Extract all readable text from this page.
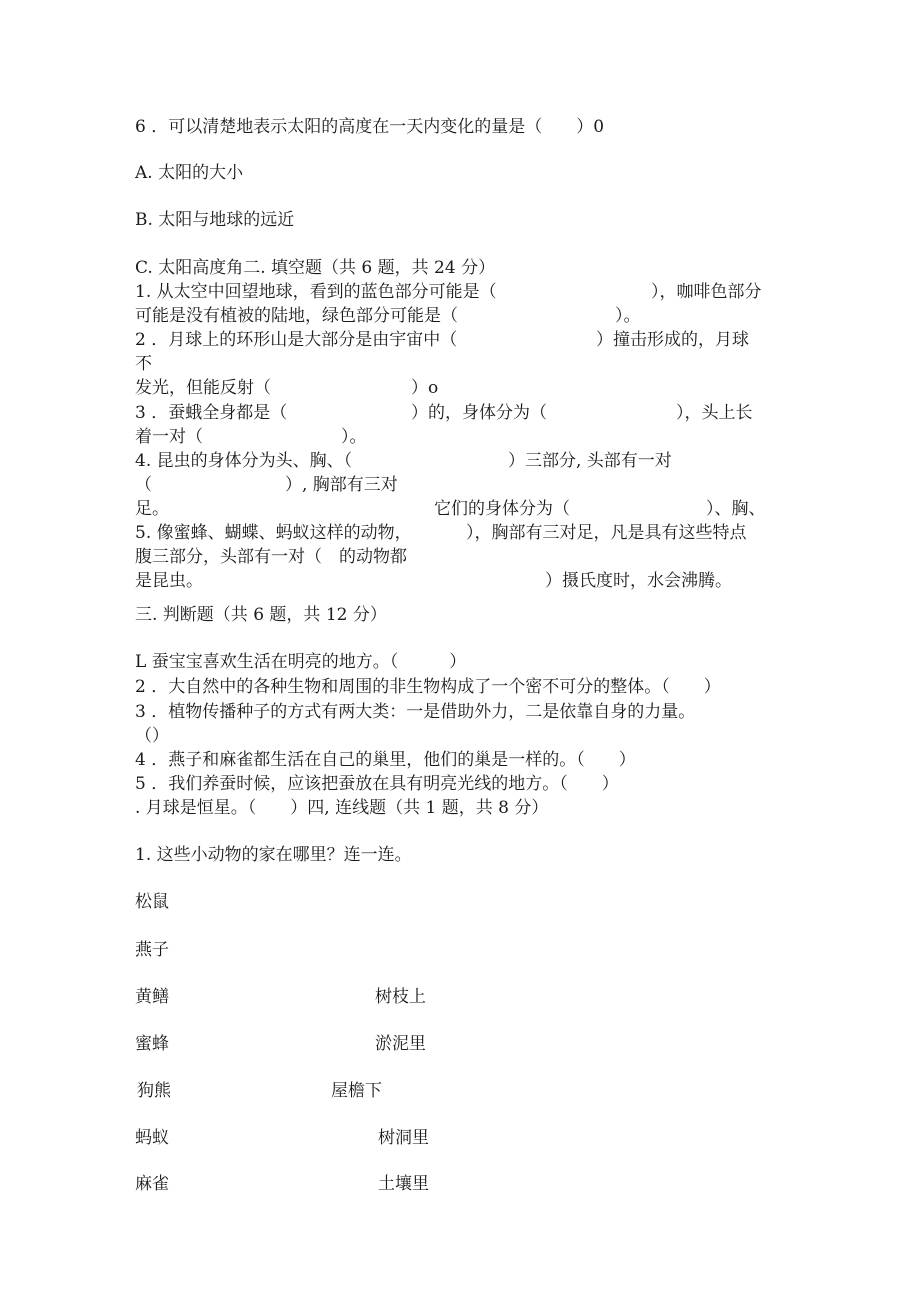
6 ．可以清楚地表示太阳的高度在一天内变化的量是（　　）0
A. 太阳的大小
B. 太阳与地球的远近
C. 太阳高度角二. 填空题（共 6 题，共 24 分）
1. 从太空中回望地球，看到的蓝色部分可能是（	），咖啡色部分
可能是没有植被的陆地，绿色部分可能是（	）。
2 ．月球上的环形山是大部分是由宇宙中（	）撞击形成的，月球
不
发光，但能反射（	）o
3 ．蚕蛾全身都是（	）的，身体分为（	），头上长
着一对（	）。
4. 昆虫的身体分为头、胸、（	）三部分, 头部有一对
（	）, 胸部有三对
足。	它们的身体分为（	）、胸、
5. 像蜜蜂、蝴蝶、蚂蚁这样的动物，	），胸部有三对足，凡是具有这些特点
腹三部分，头部有一对（　的动物都
是昆虫。	）摄氏度时，水会沸腾。
三. 判断题（共 6 题，共 12 分）
L 蚕宝宝喜欢生活在明亮的地方。（　　　）
2 ．大自然中的各种生物和周围的非生物构成了一个密不可分的整体。（　　）
3 ．植物传播种子的方式有两大类：一是借助外力，二是依靠自身的力量。
（）
4 ．燕子和麻雀都生活在自己的巢里，他们的巢是一样的。（　　）
5 ．我们养蚕时候，应该把蚕放在具有明亮光线的地方。（　　）
. 月球是恒星。（　　）四, 连线题（共 1 题，共 8 分）
1. 这些小动物的家在哪里？连一连。
松鼠
燕子
黄鳝	树枝上
蜜蜂	淤泥里
狗熊	屋檐下
蚂蚁	树洞里
麻雀	土壤里
